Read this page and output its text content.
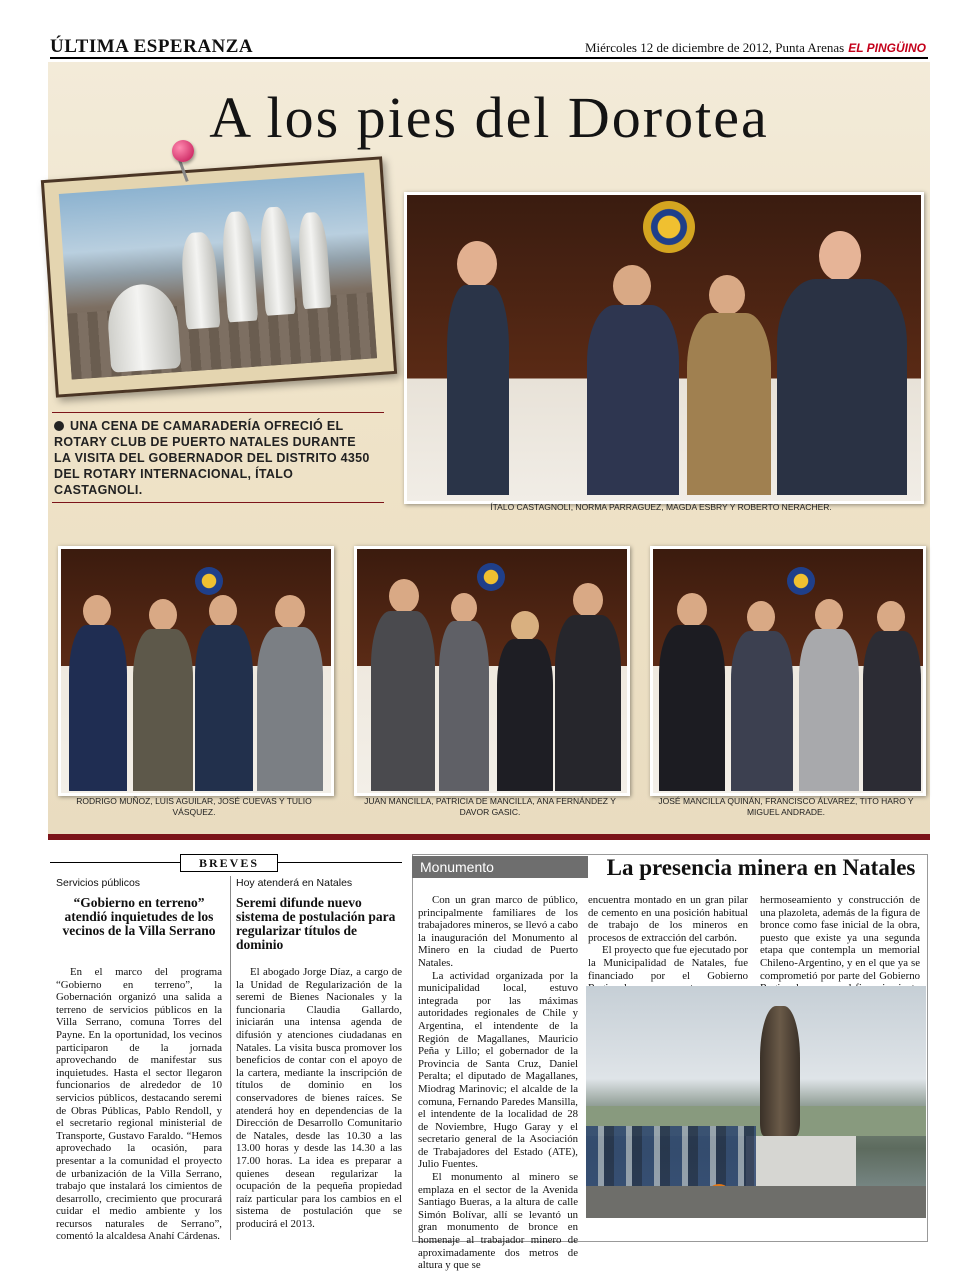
ÚLTIMA ESPERANZA	Miércoles 12 de diciembre de 2012, Punta Arenas EL PINGÜINO
A los pies del Dorotea
UNA CENA DE CAMARADERÍA OFRECIÓ EL ROTARY CLUB DE PUERTO NATALES DURANTE LA VISITA DEL GOBERNADOR DEL DISTRITO 4350 DEL ROTARY INTERNACIONAL, ÍTALO CASTAGNOLI.
ÍTALO CASTAGNOLI, NORMA PARRAGUEZ, MAGDA ESBRY Y ROBERTO NERACHER.
RODRIGO MUÑOZ, LUIS AGUILAR, JOSÉ CUEVAS Y TULIO VÁSQUEZ.
JUAN MANCILLA, PATRICIA DE MANCILLA, ANA FERNÁNDEZ Y DAVOR GASIC.
JOSÉ MANCILLA QUINÁN, FRANCISCO ÁLVAREZ, TITO HARO Y MIGUEL ANDRADE.
BREVES
Servicios públicos
“Gobierno en terreno” atendió inquietudes de los vecinos de la Villa Serrano
En el marco del programa “Gobierno en terreno”, la Gobernación organizó una salida a terreno de servicios públicos en la Villa Serrano, comuna Torres del Payne. En la oportunidad, los vecinos participaron de la jornada aprovechando de manifestar sus inquietudes. Hasta el sector llegaron funcionarios de alrededor de 10 servicios públicos, destacando seremi de Obras Públicas, Pablo Rendoll, y el secretario regional ministerial de Transporte, Gustavo Faraldo. “Hemos aprovechado la ocasión, para presentar a la comunidad el proyecto de urbanización de la Villa Serrano, trabajo que instalará los cimientos de desarrollo, crecimiento que procurará cuidar el medio ambiente y los recursos naturales de Serrano”, comentó la alcaldesa Anahí Cárdenas.
Hoy atenderá en Natales
Seremi difunde nuevo sistema de postulación para regularizar títulos de dominio
El abogado Jorge Díaz, a cargo de la Unidad de Regularización de la seremi de Bienes Nacionales y la funcionaria Claudia Gallardo, iniciarán una intensa agenda de difusión y atenciones ciudadanas en Natales. La visita busca promover los beneficios de contar con el apoyo de la cartera, mediante la inscripción de títulos de dominio en los conservadores de bienes raíces. Se atenderá hoy en dependencias de la Dirección de Desarrollo Comunitario de Natales, desde las 10.30 a las 13.00 horas y desde las 14.30 a las 17.00 horas. La idea es preparar a quienes desean regularizar la ocupación de la pequeña propiedad raíz particular para los cambios en el sistema de postulación que se producirá el 2013.
Monumento	La presencia minera en Natales

Con un gran marco de público, principalmente familiares de los trabajadores mineros, se llevó a cabo la inauguración del Monumento al Minero en la ciudad de Puerto Natales.

La actividad organizada por la municipalidad local, estuvo integrada por las máximas autoridades regionales de Chile y Argentina, el intendente de la Región de Magallanes, Mauricio Peña y Lillo; el gobernador de la Provincia de Santa Cruz, Daniel Peralta; el diputado de Magallanes, Miodrag Marinovic; el alcalde de la comuna, Fernando Paredes Mansilla, el intendente de la localidad de 28 de Noviembre, Hugo Garay y el secretario general de la Asociación de Trabajadores del Estado (ATE), Julio Fuentes.

El monumento al minero se emplaza en el sector de la Avenida Santiago Bueras, a la altura de calle Simón Bolívar, allí se levantó un gran monumento de bronce en homenaje al trabajador minero de aproximadamente dos metros de altura y que se

encuentra montado en un gran pilar de cemento en una posición habitual de trabajo de los mineros en procesos de extracción del carbón.

El proyecto que fue ejecutado por la Municipalidad de Natales, fue financiado por el Gobierno

hermoseamiento y construcción de una plazoleta, además de la figura de bronce como fase inicial de la obra, puesto que existe ya una segunda etapa que contempla un memorial Chileno-Argentino, y en el que ya se comprometió por parte del Gobierno
